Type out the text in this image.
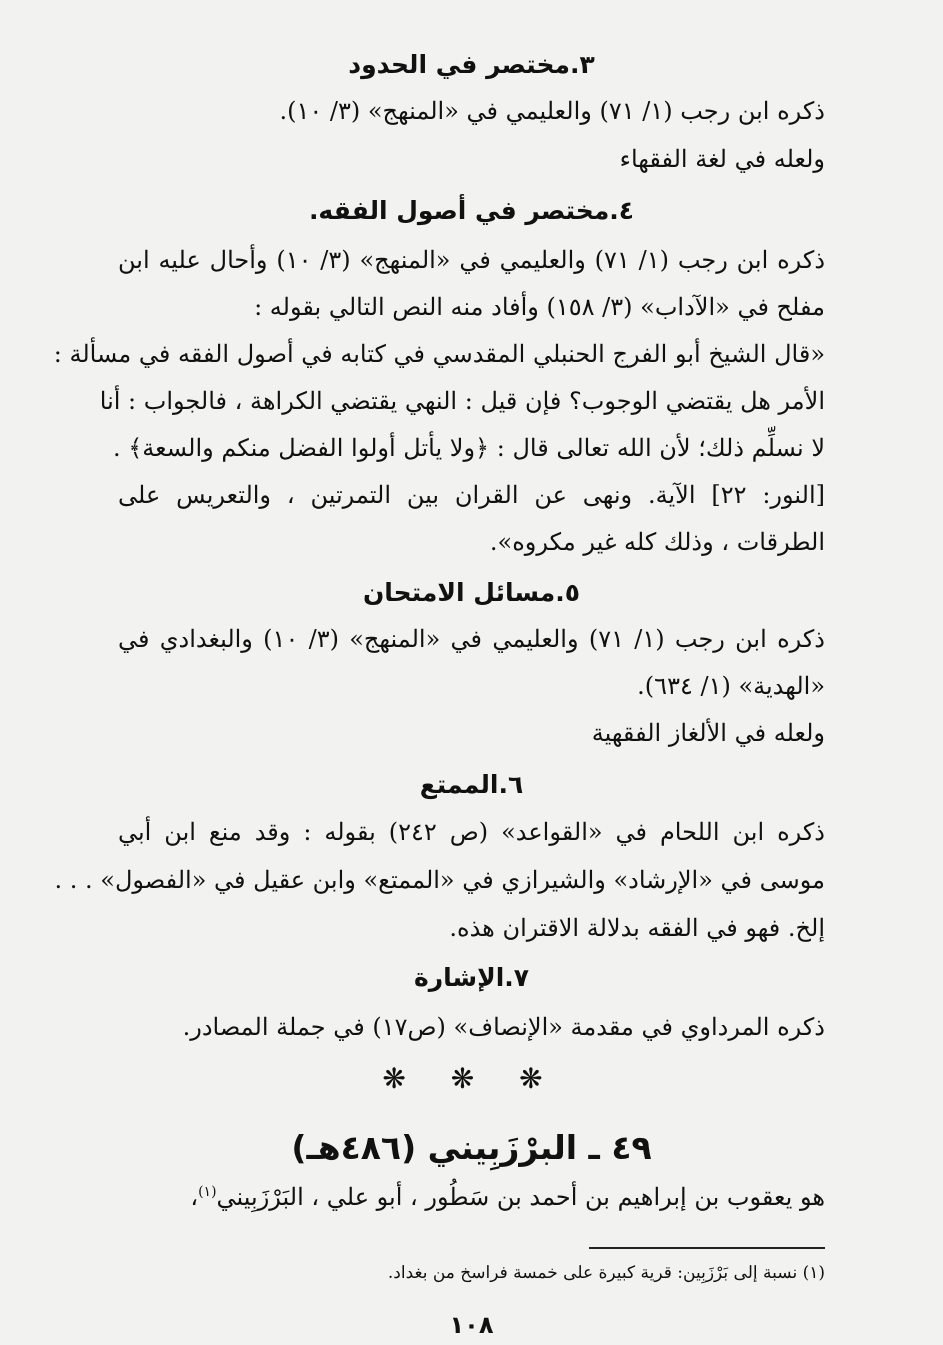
٣.مختصر في الحدود
ذكره ابن رجب (١/ ٧١) والعليمي في «المنهج» (٣/ ١٠).
ولعله في لغة الفقهاء
٤.مختصر في أصول الفقه.
ذكره ابن رجب (١/ ٧١) والعليمي في «المنهج» (٣/ ١٠) وأحال عليه ابن
مفلح في «الآداب» (٣/ ١٥٨) وأفاد منه النص التالي بقوله :
«قال الشيخ أبو الفرج الحنبلي المقدسي في كتابه في أصول الفقه في مسألة :
الأمر هل يقتضي الوجوب؟ فإن قيل : النهي يقتضي الكراهة ، فالجواب : أنا
لا نسلِّم ذلك؛ لأن الله تعالى قال : ﴿ولا يأتل أولوا الفضل منكم والسعة﴾ .
[النور: ٢٢] الآية. ونهى عن القران بين التمرتين ، والتعريس على
الطرقات ، وذلك كله غير مكروه».
٥.مسائل الامتحان
ذكره ابن رجب (١/ ٧١) والعليمي في «المنهج» (٣/ ١٠) والبغدادي في
«الهدية» (١/ ٦٣٤).
ولعله في الألغاز الفقهية
٦.الممتع
ذكره ابن اللحام في «القواعد» (ص ٢٤٢) بقوله : وقد منع ابن أبي
موسى في «الإرشاد» والشيرازي في «الممتع» وابن عقيل في «الفصول» . . .
إلخ. فهو في الفقه بدلالة الاقتران هذه.
٧.الإشارة
ذكره المرداوي في مقدمة «الإنصاف» (ص١٧) في جملة المصادر.
❋ ❋ ❋
٤٩ ـ البرْزَبِيني (٤٨٦هـ)
هو يعقوب بن إبراهيم بن أحمد بن سَطُور ، أبو علي ، البَرْزَبِيني$^{(١)}$،
(١) نسبة إلى بَرْزَبِين: قرية كبيرة على خمسة فراسخ من بغداد.
١٠٨
